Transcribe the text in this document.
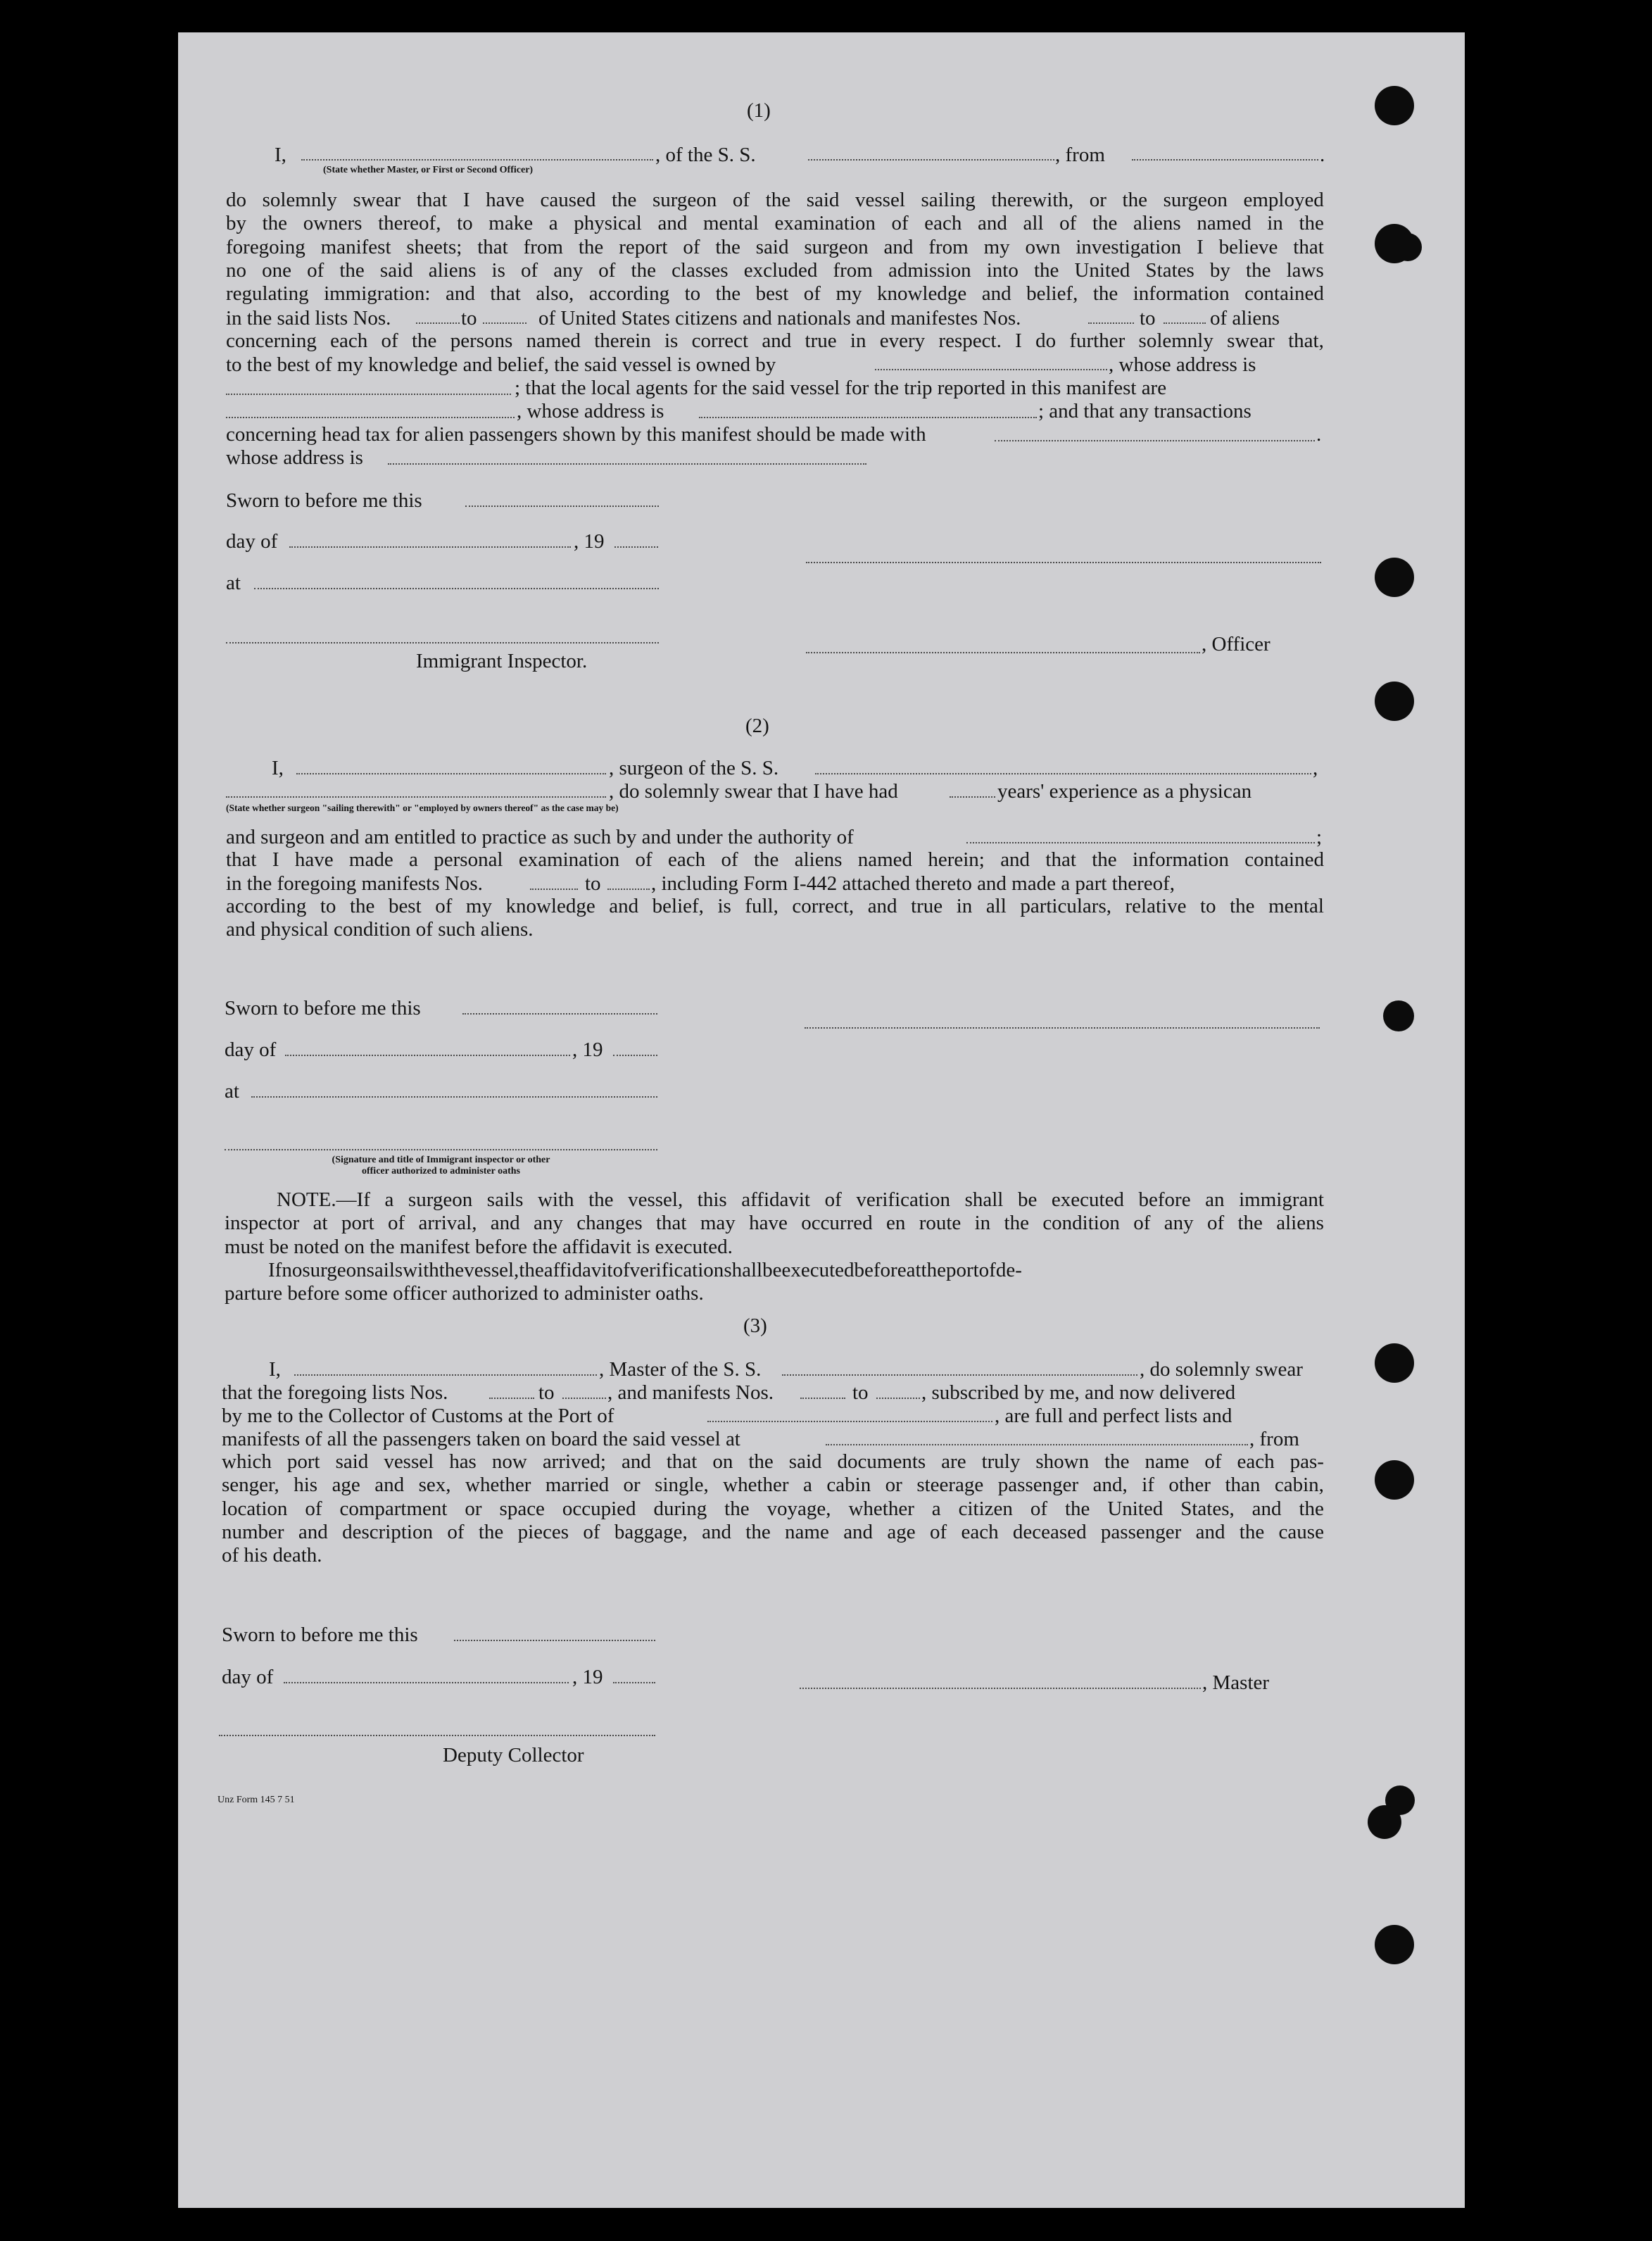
(1)
I,	, of the S. S.	, from	.
(State whether Master, or First or Second Officer)
do solemnly swear that I have caused the surgeon of the said vessel sailing therewith, or the surgeon employed
by the owners thereof, to make a physical and mental examination of each and all of the aliens named in the
foregoing manifest sheets; that from the report of the said surgeon and from my own investigation I believe that
no one of the said aliens is of any of the classes excluded from admission into the United States by the laws
regulating immigration: and that also, according to the best of my knowledge and belief, the information contained
in the said lists Nos.	to	of United States citizens and nationals and manifestes Nos.	to	of aliens
concerning each of the persons named therein is correct and true in every respect. I do further solemnly swear that,
to the best of my knowledge and belief, the said vessel is owned by	, whose address is
; that the local agents for the said vessel for the trip reported in this manifest are
, whose address is	; and that any transactions
concerning head tax for alien passengers shown by this manifest should be made with	.
whose address is
Sworn to before me this
day of	, 19
at
, Officer
Immigrant Inspector.
(2)
I,	, surgeon of the S. S.	,
, do solemnly swear that I have had	years' experience as a physican
(State whether surgeon "sailing therewith" or "employed by owners thereof" as the case may be)
and surgeon and am entitled to practice as such by and under the authority of	;
that I have made a personal examination of each of the aliens named herein; and that the information contained
in the foregoing manifests Nos.	to , including Form I-442 attached thereto and made a part thereof,
according to the best of my knowledge and belief, is full, correct, and true in all particulars, relative to the mental
and physical condition of such aliens.
Sworn to before me this
day of	, 19
at
(Signature and title of Immigrant inspector or other
officer authorized to administer oaths
NOTE.—If a surgeon sails with the vessel, this affidavit of verification shall be executed before an immigrant
inspector at port of arrival, and any changes that may have occurred en route in the condition of any of the aliens
must be noted on the manifest before the affidavit is executed.
Ifnosurgeonsailswiththevessel,theaffidavitofverificationshallbeexecutedbeforeattheportofde-
parture before some officer authorized to administer oaths.
(3)
I,	, Master of the S. S.	, do solemnly swear
that the foregoing lists Nos.	to	, and manifests Nos.	to	, subscribed by me, and now delivered
by me to the Collector of Customs at the Port of	, are full and perfect lists and
manifests of all the passengers taken on board the said vessel at	, from
which port said vessel has now arrived; and that on the said documents are truly shown the name of each pas-
senger, his age and sex, whether married or single, whether a cabin or steerage passenger and, if other than cabin,
location of compartment or space occupied during the voyage, whether a citizen of the United States, and the
number and description of the pieces of baggage, and the name and age of each deceased passenger and the cause
of his death.
Sworn to before me this
day of	, 19	, Master
Deputy Collector
Unz Form 145 7 51
